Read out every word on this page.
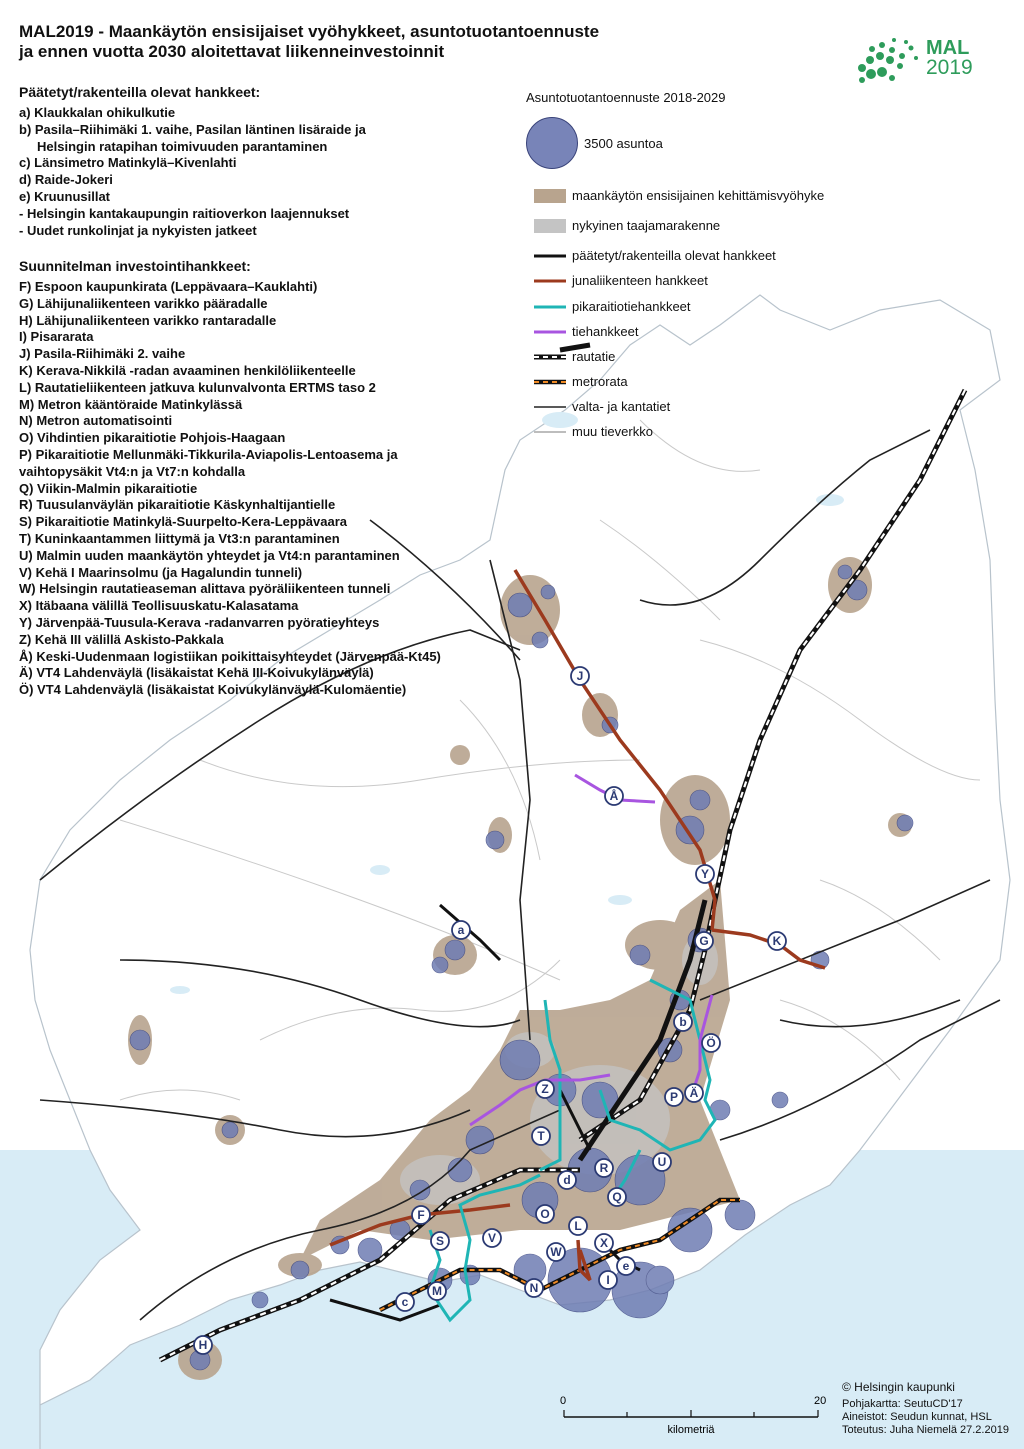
a
b
c
d
e
F
G
H
I
J
K
L
M	N
O
P
Q
R
S
T
U
V
W
X
Y
Z
Å
Ä
Ö
MAL2019 - Maankäytön ensisijaiset vyöhykkeet, asuntotuotantoennuste
ja ennen vuotta 2030 aloitettavat liikenneinvestoinnit	MAL
2019
Päätetyt/rakenteilla olevat hankkeet:
a) Klaukkalan ohikulkutie
b) Pasila–Riihimäki 1. vaihe, Pasilan läntinen lisäraide ja
Helsingin ratapihan toimivuuden parantaminen
c) Länsimetro Matinkylä–Kivenlahti
d) Raide-Jokeri
e) Kruunusillat
- Helsingin kantakaupungin raitioverkon laajennukset
- Uudet runkolinjat ja nykyisten jatkeet
Suunnitelman investointihankkeet:
F) Espoon kaupunkirata (Leppävaara–Kauklahti)
G) Lähijunaliikenteen varikko pääradalle
H) Lähijunaliikenteen varikko rantaradalle
I) Pisararata
J) Pasila-Riihimäki 2. vaihe
K) Kerava-Nikkilä -radan avaaminen henkilöliikenteelle
L) Rautatieliikenteen jatkuva kulunvalvonta ERTMS taso 2
M) Metron kääntöraide Matinkylässä
N) Metron automatisointi
O) Vihdintien pikaraitiotie Pohjois-Haagaan
P) Pikaraitiotie Mellunmäki-Tikkurila-Aviapolis-Lentoasema ja
vaihtopysäkit Vt4:n ja Vt7:n kohdalla
Q) Viikin-Malmin pikaraitiotie
R) Tuusulanväylän pikaraitiotie Käskynhaltijantielle
S) Pikaraitiotie Matinkylä-Suurpelto-Kera-Leppävaara
T) Kuninkaantammen liittymä ja Vt3:n parantaminen
U) Malmin uuden maankäytön yhteydet ja Vt4:n parantaminen
V) Kehä I Maarinsolmu (ja Hagalundin tunneli)
W) Helsingin rautatieaseman alittava pyöräliikenteen tunneli
X) Itäbaana välillä Teollisuuskatu-Kalasatama
Y) Järvenpää-Tuusula-Kerava -radanvarren pyöratieyhteys
Z) Kehä III välillä Askisto-Pakkala
Å) Keski-Uudenmaan logistiikan poikittaisyhteydet (Järvenpää-Kt45)
Ä) VT4 Lahdenväylä (lisäkaistat Kehä III-Koivukylänväylä)
Ö) VT4 Lahdenväylä (lisäkaistat Koivukylänväylä-Kulomäentie)
Asuntotuotantoennuste 2018-2029
3500 asuntoa
maankäytön ensisijainen kehittämisvyöhyke
nykyinen taajamarakenne
päätetyt/rakenteilla olevat hankkeet
junaliikenteen hankkeet
pikaraitiotiehankkeet
tiehankkeet
rautatie
metrorata
valta- ja kantatiet
muu tieverkko
0	20
kilometriä
© Helsingin kaupunki
Pohjakartta: SeutuCD'17
Aineistot: Seudun kunnat, HSL
Toteutus: Juha Niemelä 27.2.2019
